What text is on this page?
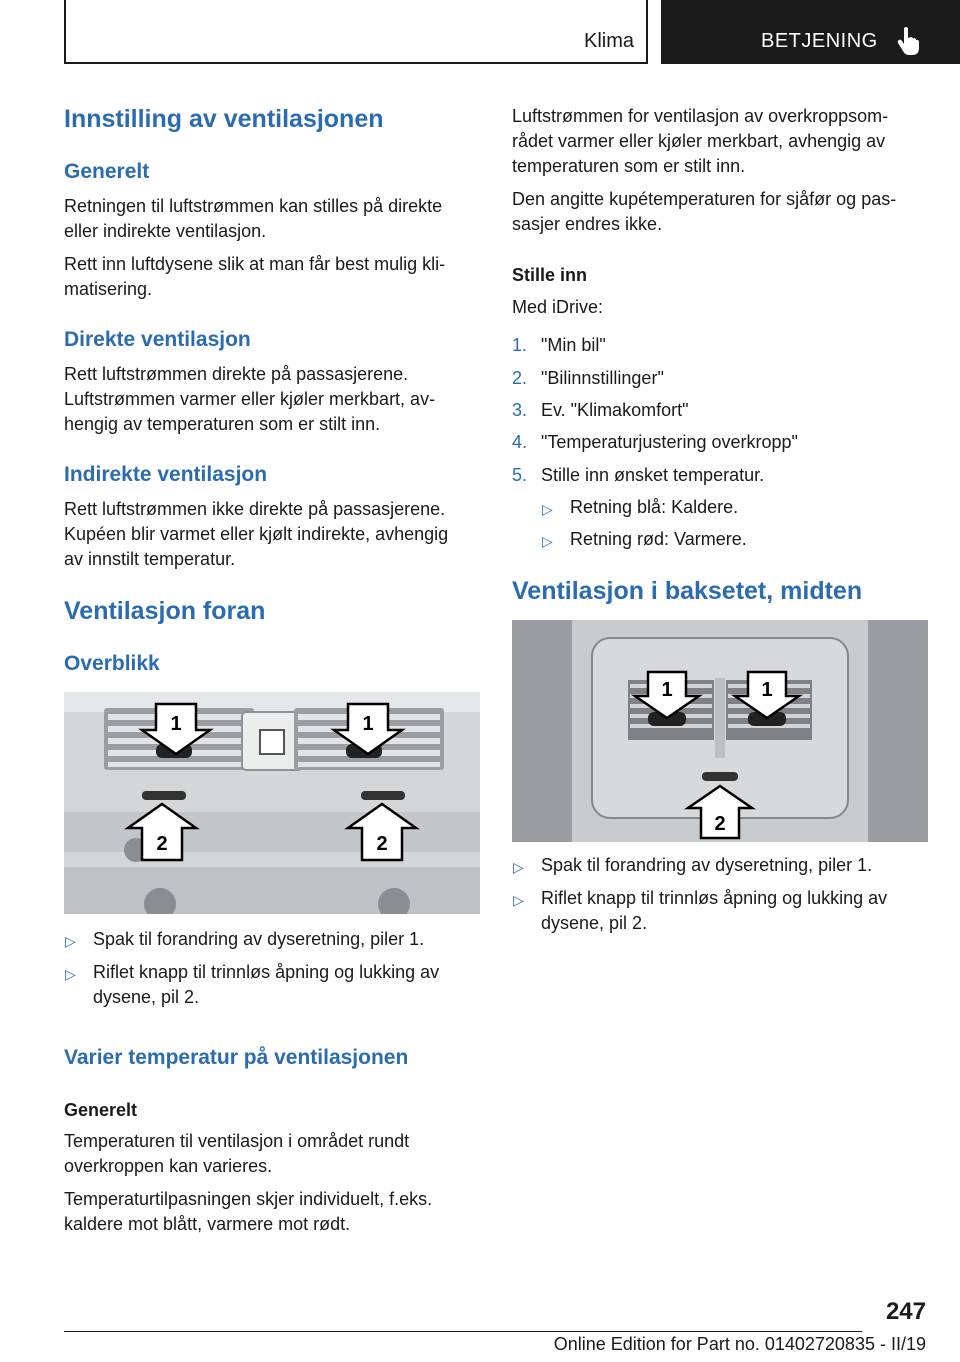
Klima	BETJENING
Innstilling av ventilasjonen
Generelt
Retningen til luftstrømmen kan stilles på direkte
eller indirekte ventilasjon.
Rett inn luftdysene slik at man får best mulig kli‐
matisering.
Direkte ventilasjon
Rett luftstrømmen direkte på passasjerene.
Luftstrømmen varmer eller kjøler merkbart, av‐
hengig av temperaturen som er stilt inn.
Indirekte ventilasjon
Rett luftstrømmen ikke direkte på passasjerene.
Kupéen blir varmet eller kjølt indirekte, avhengig
av innstilt temperatur.
Ventilasjon foran
Overblikk
1	1
2	2
▷ Spak til forandring av dyseretning, piler 1.
▷ Riflet knapp til trinnløs åpning og lukking av
dysene, pil 2.
Varier temperatur på ventilasjonen
Generelt
Temperaturen til ventilasjon i området rundt
overkroppen kan varieres.
Temperaturtilpasningen skjer individuelt, f.eks.
kaldere mot blått, varmere mot rødt.
Luftstrømmen for ventilasjon av overkroppsom‐
rådet varmer eller kjøler merkbart, avhengig av
temperaturen som er stilt inn.
Den angitte kupétemperaturen for sjåfør og pas‐
sasjer endres ikke.
Stille inn
Med iDrive:
1. "Min bil"
2. "Bilinnstillinger"
3. Ev. "Klimakomfort"
4. "Temperaturjustering overkropp"
5. Stille inn ønsket temperatur.
▷ Retning blå: Kaldere.
▷ Retning rød: Varmere.
Ventilasjon i baksetet, midten
1	1
2
▷ Spak til forandring av dyseretning, piler 1.
▷ Riflet knapp til trinnløs åpning og lukking av
dysene, pil 2.
247
Online Edition for Part no. 01402720835 - II/19
